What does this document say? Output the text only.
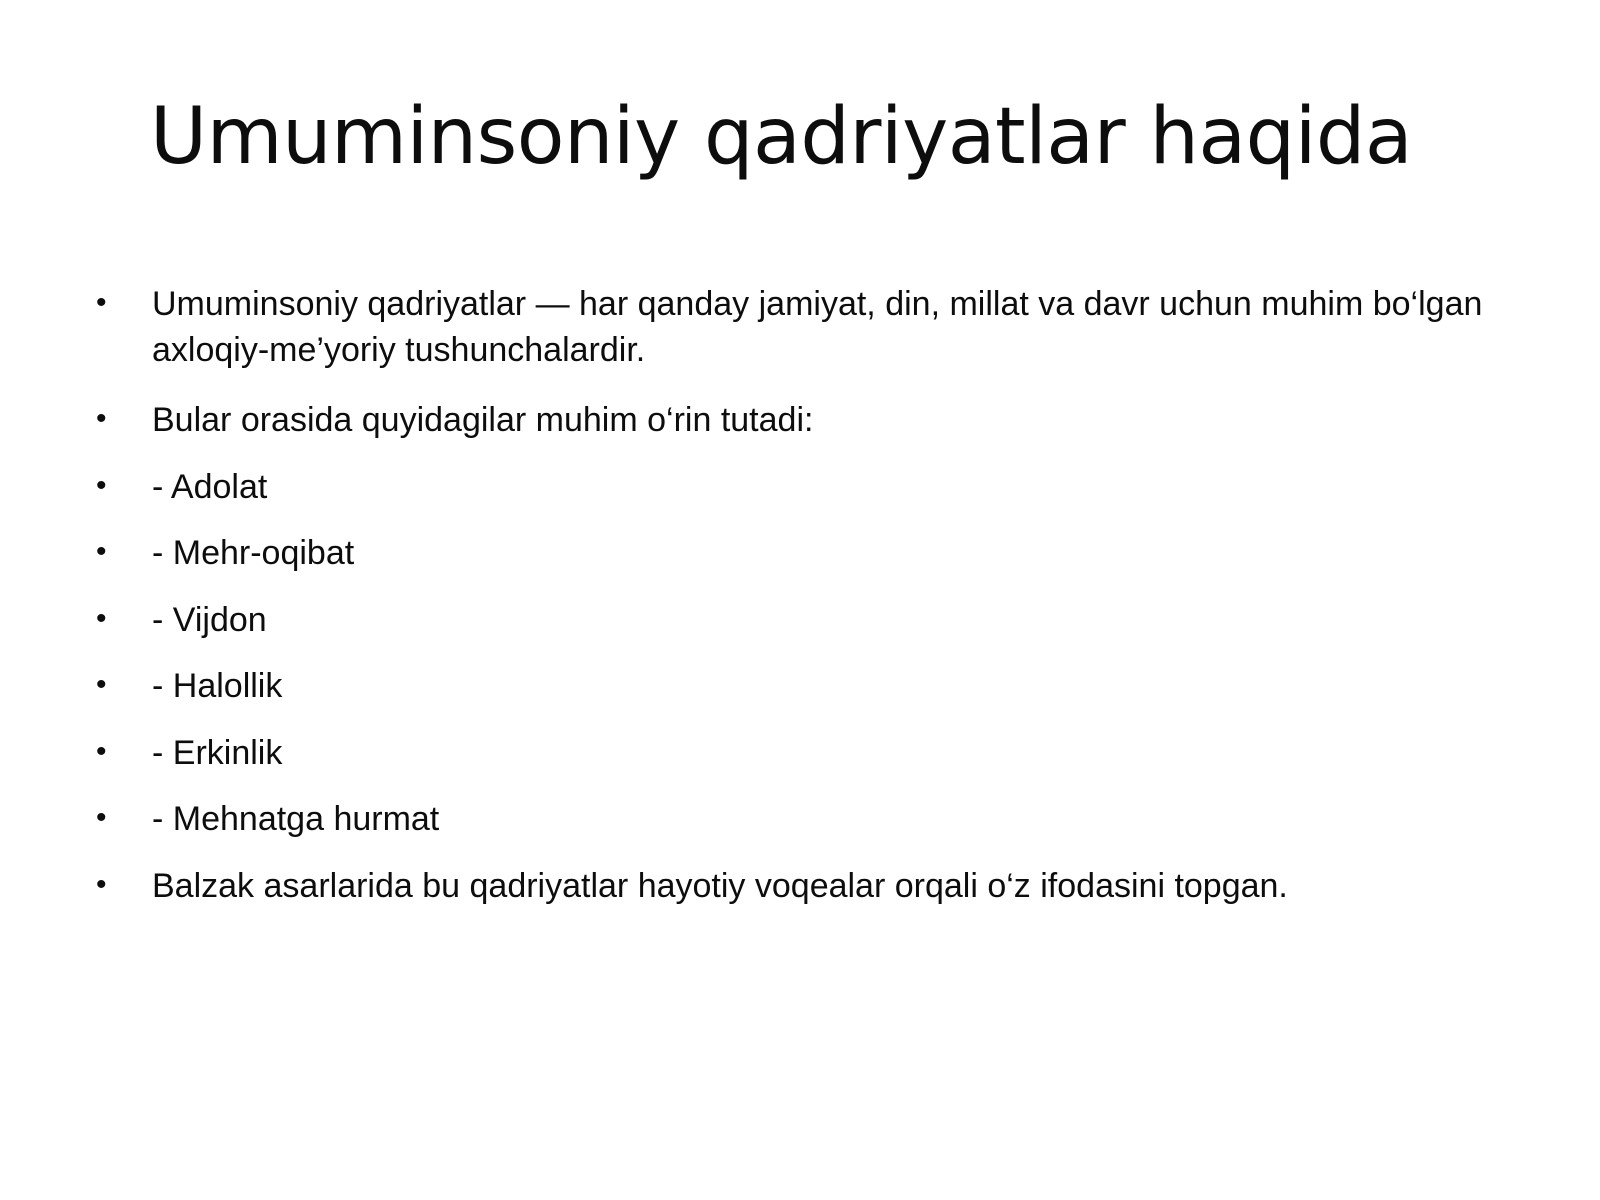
Umuminsoniy qadriyatlar haqida
• Umuminsoniy qadriyatlar — har qanday jamiyat, din, millat va davr uchun muhim bo‘lgan axloqiy-me’yoriy tushunchalardir.
• Bular orasida quyidagilar muhim o‘rin tutadi:
• - Adolat
• - Mehr-oqibat
• - Vijdon
• - Halollik
• - Erkinlik
• - Mehnatga hurmat
• Balzak asarlarida bu qadriyatlar hayotiy voqealar orqali o‘z ifodasini topgan.
